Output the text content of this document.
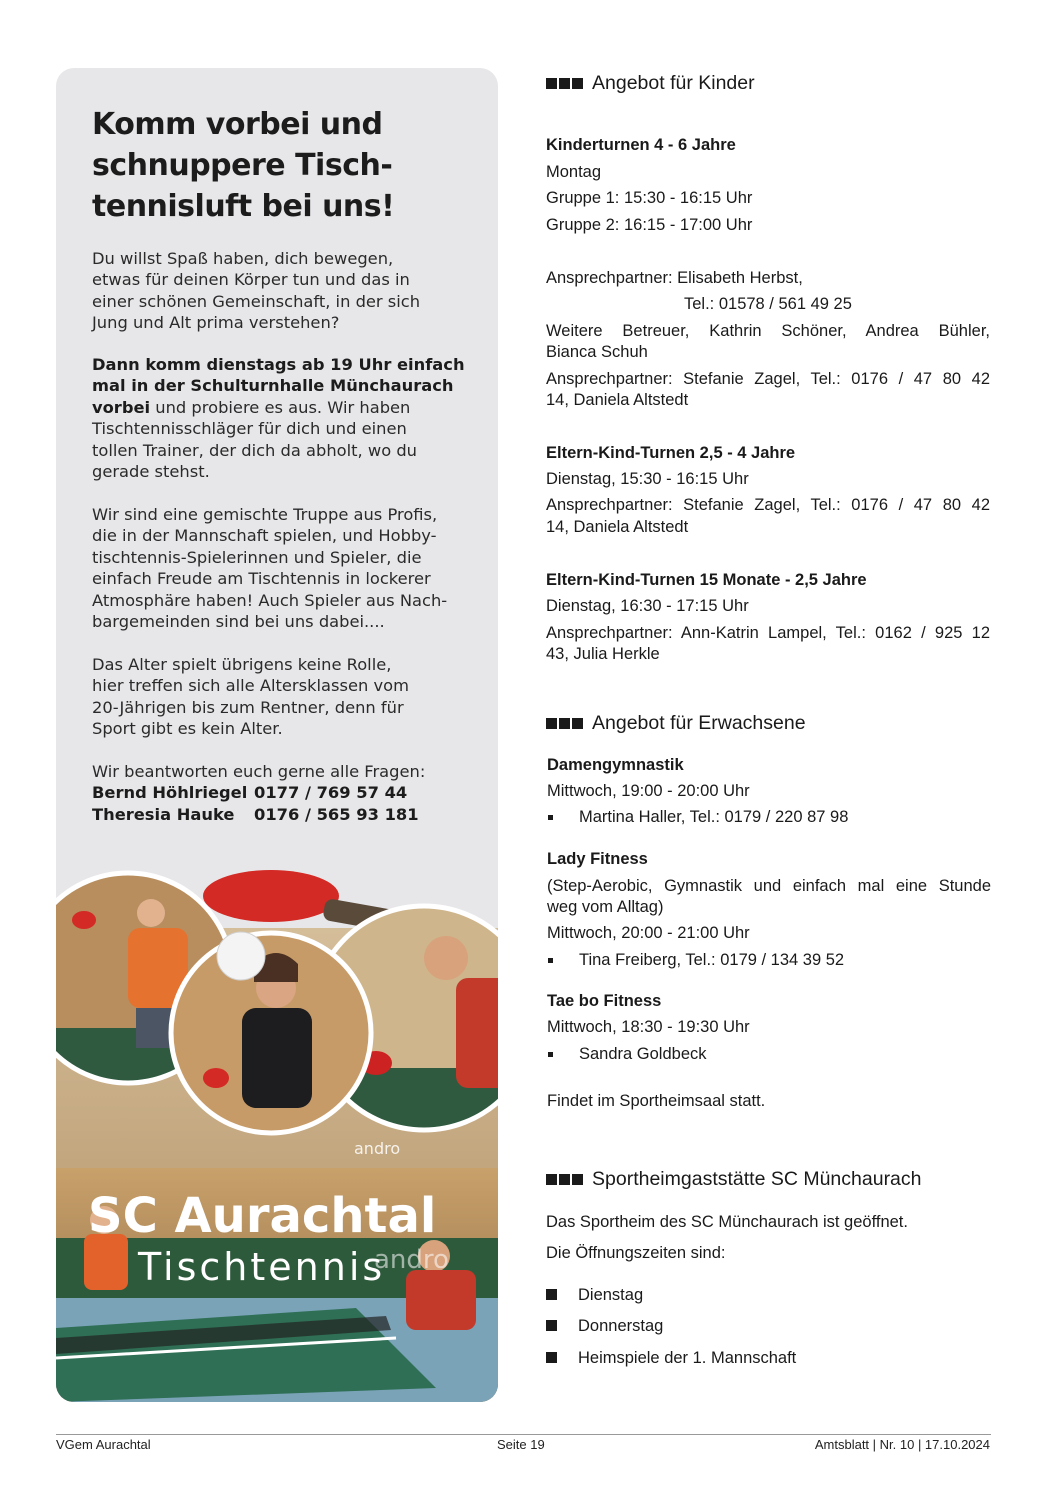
Komm vorbei und
schnuppere Tisch-
tennisluft bei uns!
Du willst Spaß haben, dich bewegen,
etwas für deinen Körper tun und das in
einer schönen Gemeinschaft, in der sich
Jung und Alt prima verstehen?
Dann komm dienstags ab 19 Uhr einfach
mal in der Schulturnhalle Münchaurach
vorbei und probiere es aus. Wir haben
Tischtennisschläger für dich und einen
tollen Trainer, der dich da abholt, wo du
gerade stehst.
Wir sind eine gemischte Truppe aus Profis,
die in der Mannschaft spielen, und Hobby-
tischtennis-Spielerinnen und Spieler, die
einfach Freude am Tischtennis in lockerer
Atmosphäre haben! Auch Spieler aus Nach-
bargemeinden sind bei uns dabei....
Das Alter spielt übrigens keine Rolle,
hier treffen sich alle Altersklassen vom
20-Jährigen bis zum Rentner, denn für
Sport gibt es kein Alter.
Wir beantworten euch gerne alle Fragen:
Bernd Höhlriegel 0177 / 769 57 44
Theresia Hauke	0176 / 565 93 181
andro
andro
SC Aurachtal
Tischtennis
Angebot für Kinder
Kinderturnen 4 - 6 Jahre
Montag
Gruppe 1: 15:30 - 16:15 Uhr
Gruppe 2: 16:15 - 17:00 Uhr
Ansprechpartner: Elisabeth Herbst,
Tel.: 01578 / 561 49 25
Weitere Betreuer, Kathrin Schöner, Andrea Bühler,
Bianca Schuh
Ansprechpartner: Stefanie Zagel, Tel.: 0176 / 47 80 42
14, Daniela Altstedt
Eltern-Kind-Turnen 2,5 - 4 Jahre
Dienstag, 15:30 - 16:15 Uhr
Ansprechpartner: Stefanie Zagel, Tel.: 0176 / 47 80 42
14, Daniela Altstedt
Eltern-Kind-Turnen 15 Monate - 2,5 Jahre
Dienstag, 16:30 - 17:15 Uhr
Ansprechpartner: Ann-Katrin Lampel, Tel.: 0162 / 925 12
43, Julia Herkle
Angebot für Erwachsene
Damengymnastik
Mittwoch, 19:00 - 20:00 Uhr
Martina Haller, Tel.: 0179 / 220 87 98
Lady Fitness
(Step-Aerobic, Gymnastik und einfach mal eine Stunde
weg vom Alltag)
Mittwoch, 20:00 - 21:00 Uhr
Tina Freiberg, Tel.: 0179 / 134 39 52
Tae bo Fitness
Mittwoch, 18:30 - 19:30 Uhr
Sandra Goldbeck
Findet im Sportheimsaal statt.
Sportheimgaststätte SC Münchaurach
Das Sportheim des SC Münchaurach ist geöffnet.
Die Öffnungszeiten sind:
Dienstag
Donnerstag
Heimspiele der 1. Mannschaft
VGem Aurachtal	Seite 19	Amtsblatt | Nr. 10 | 17.10.2024
